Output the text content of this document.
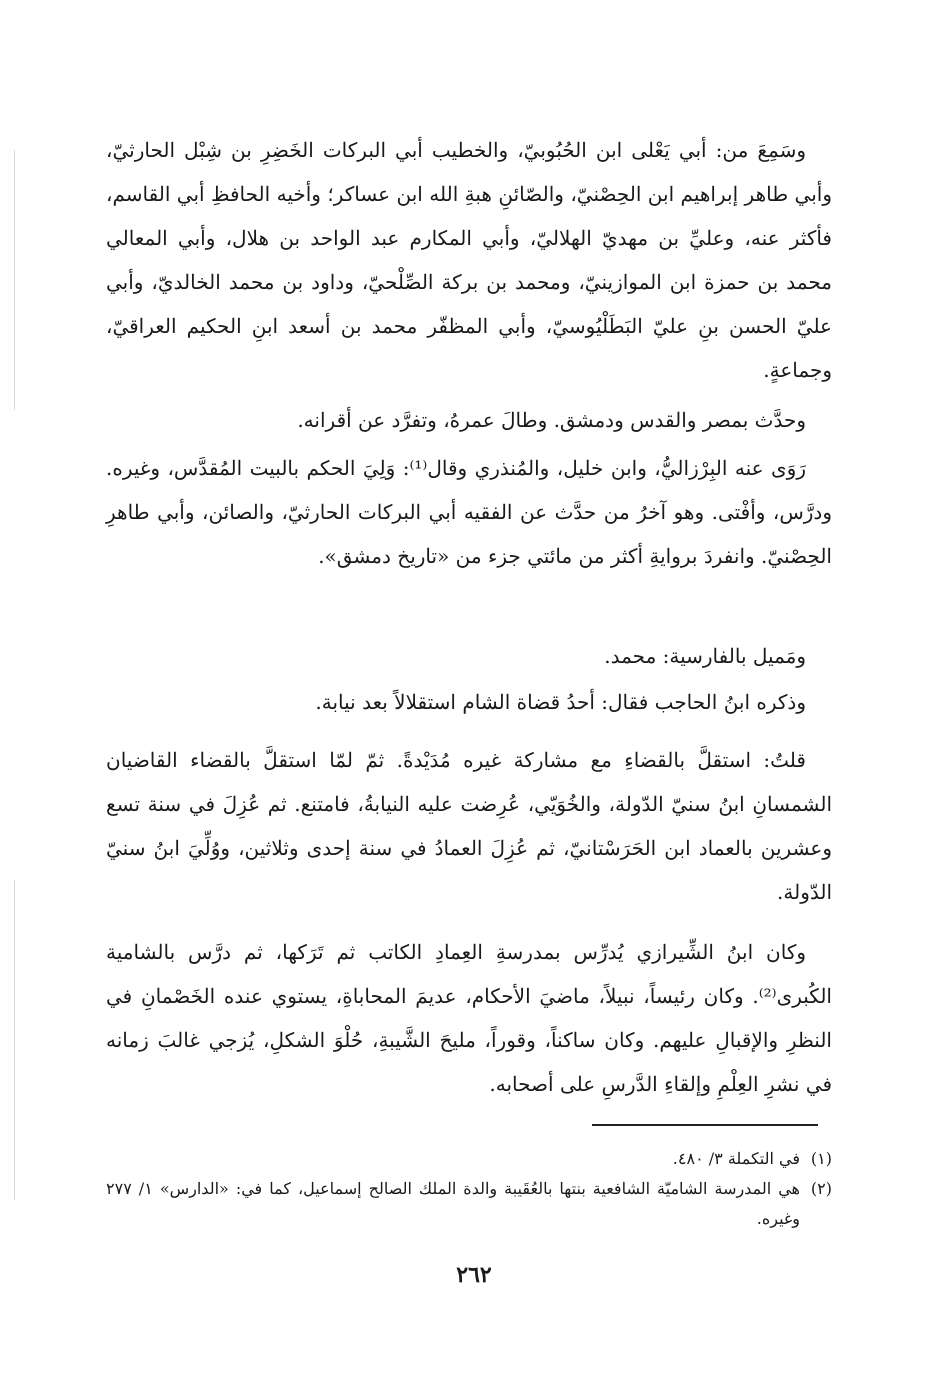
وسَمِعَ من: أبي يَعْلى ابن الحُبُوبيّ، والخطيب أبي البركات الخَضِرِ بن شِبْل الحارثيّ، وأبي طاهر إبراهيم ابن الحِصْنيّ، والصّائنِ هبةِ الله ابن عساكر؛ وأخيه الحافظِ أبي القاسم، فأكثر عنه، وعليِّ بن مهديّ الهلاليّ، وأبي المكارم عبد الواحد بن هلال، وأبي المعالي محمد بن حمزة ابن الموازينيّ، ومحمد بن بركة الصِّلْحيّ، وداود بن محمد الخالديّ، وأبي عليّ الحسن بنِ عليّ البَطَلْيُوسيّ، وأبي المظفّر محمد بن أسعد ابنِ الحكيم العراقيّ، وجماعةٍ.

وحدَّث بمصر والقدس ودمشق. وطالَ عمرهُ، وتفرَّد عن أقرانه.

رَوَى عنه البِرْزاليُّ، وابن خليل، والمُنذري وقال⁽¹⁾: وَلِيَ الحكم بالبيت المُقدَّس، وغيره. ودرَّس، وأفْتى. وهو آخرُ من حدَّث عن الفقيه أبي البركات الحارثيّ، والصائن، وأبي طاهرِ الحِصْنيّ. وانفردَ بروايةِ أكثر من مائتي جزء من «تاريخ دمشق».

ومَميل بالفارسية: محمد.

وذكره ابنُ الحاجب فقال: أحدُ قضاة الشام استقلالاً بعد نيابة.

قلتُ: استقلَّ بالقضاءِ مع مشاركة غيره مُدَيْدةً. ثمّ لمّا استقلَّ بالقضاء القاضيان الشمسانِ ابنُ سنيّ الدّولة، والخُوَيّي، عُرِضت عليه النيابةُ، فامتنع. ثم عُزِلَ في سنة تسع وعشرين بالعماد ابن الحَرَسْتانيّ، ثم عُزِلَ العمادُ في سنة إحدى وثلاثين، ووُلِّيَ ابنُ سنيّ الدّولة.

وكان ابنُ الشِّيرازي يُدرِّس بمدرسةِ العِمادِ الكاتب ثم تَرَكها، ثم درَّس بالشامية الكُبرى⁽²⁾. وكان رئيساً، نبيلاً، ماضيَ الأحكام، عديمَ المحاباةِ، يستوي عنده الخَصْمانِ في النظرِ والإقبالِ عليهم. وكان ساكناً، وقوراً، مليحَ الشَّيبةِ، حُلْوَ الشكلِ، يُزجي غالبَ زمانه في نشرِ العِلْمِ وإلقاءِ الدَّرسِ على أصحابه.

(١)
في التكملة ٣/ ٤٨٠.
(٢)
هي المدرسة الشاميّة الشافعية بنتها بالعُقَيبة والدة الملك الصالح إسماعيل، كما في: «الدارس» ١/ ٢٧٧ وغيره.
٢٦٢
